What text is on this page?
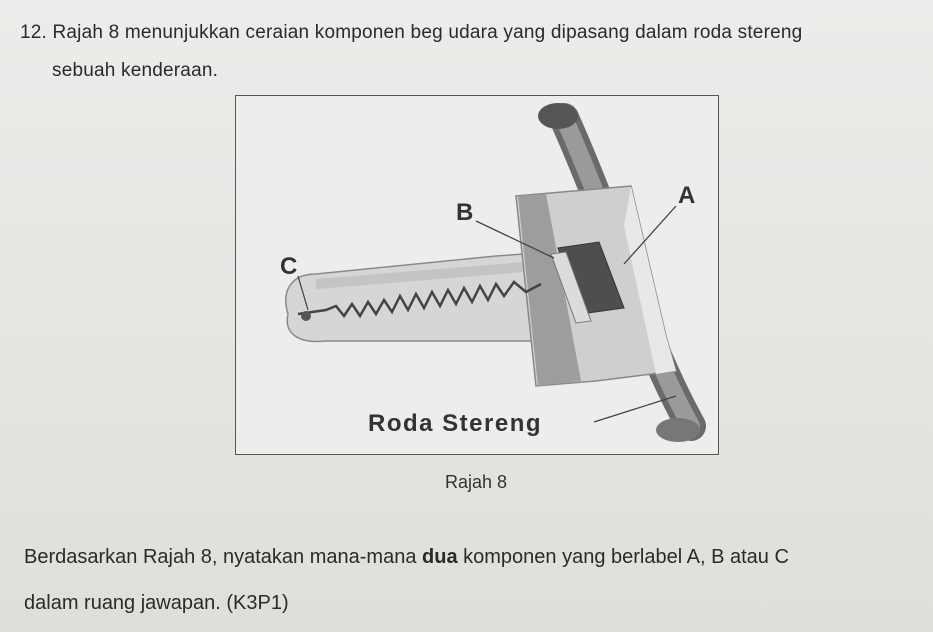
12. Rajah 8 menunjukkan ceraian komponen beg udara yang dipasang dalam roda stereng
sebuah kenderaan.
A
B
C
Roda Stereng
Rajah 8
Berdasarkan Rajah 8, nyatakan mana-mana dua komponen yang berlabel A, B atau C
dalam ruang jawapan. (K3P1)
